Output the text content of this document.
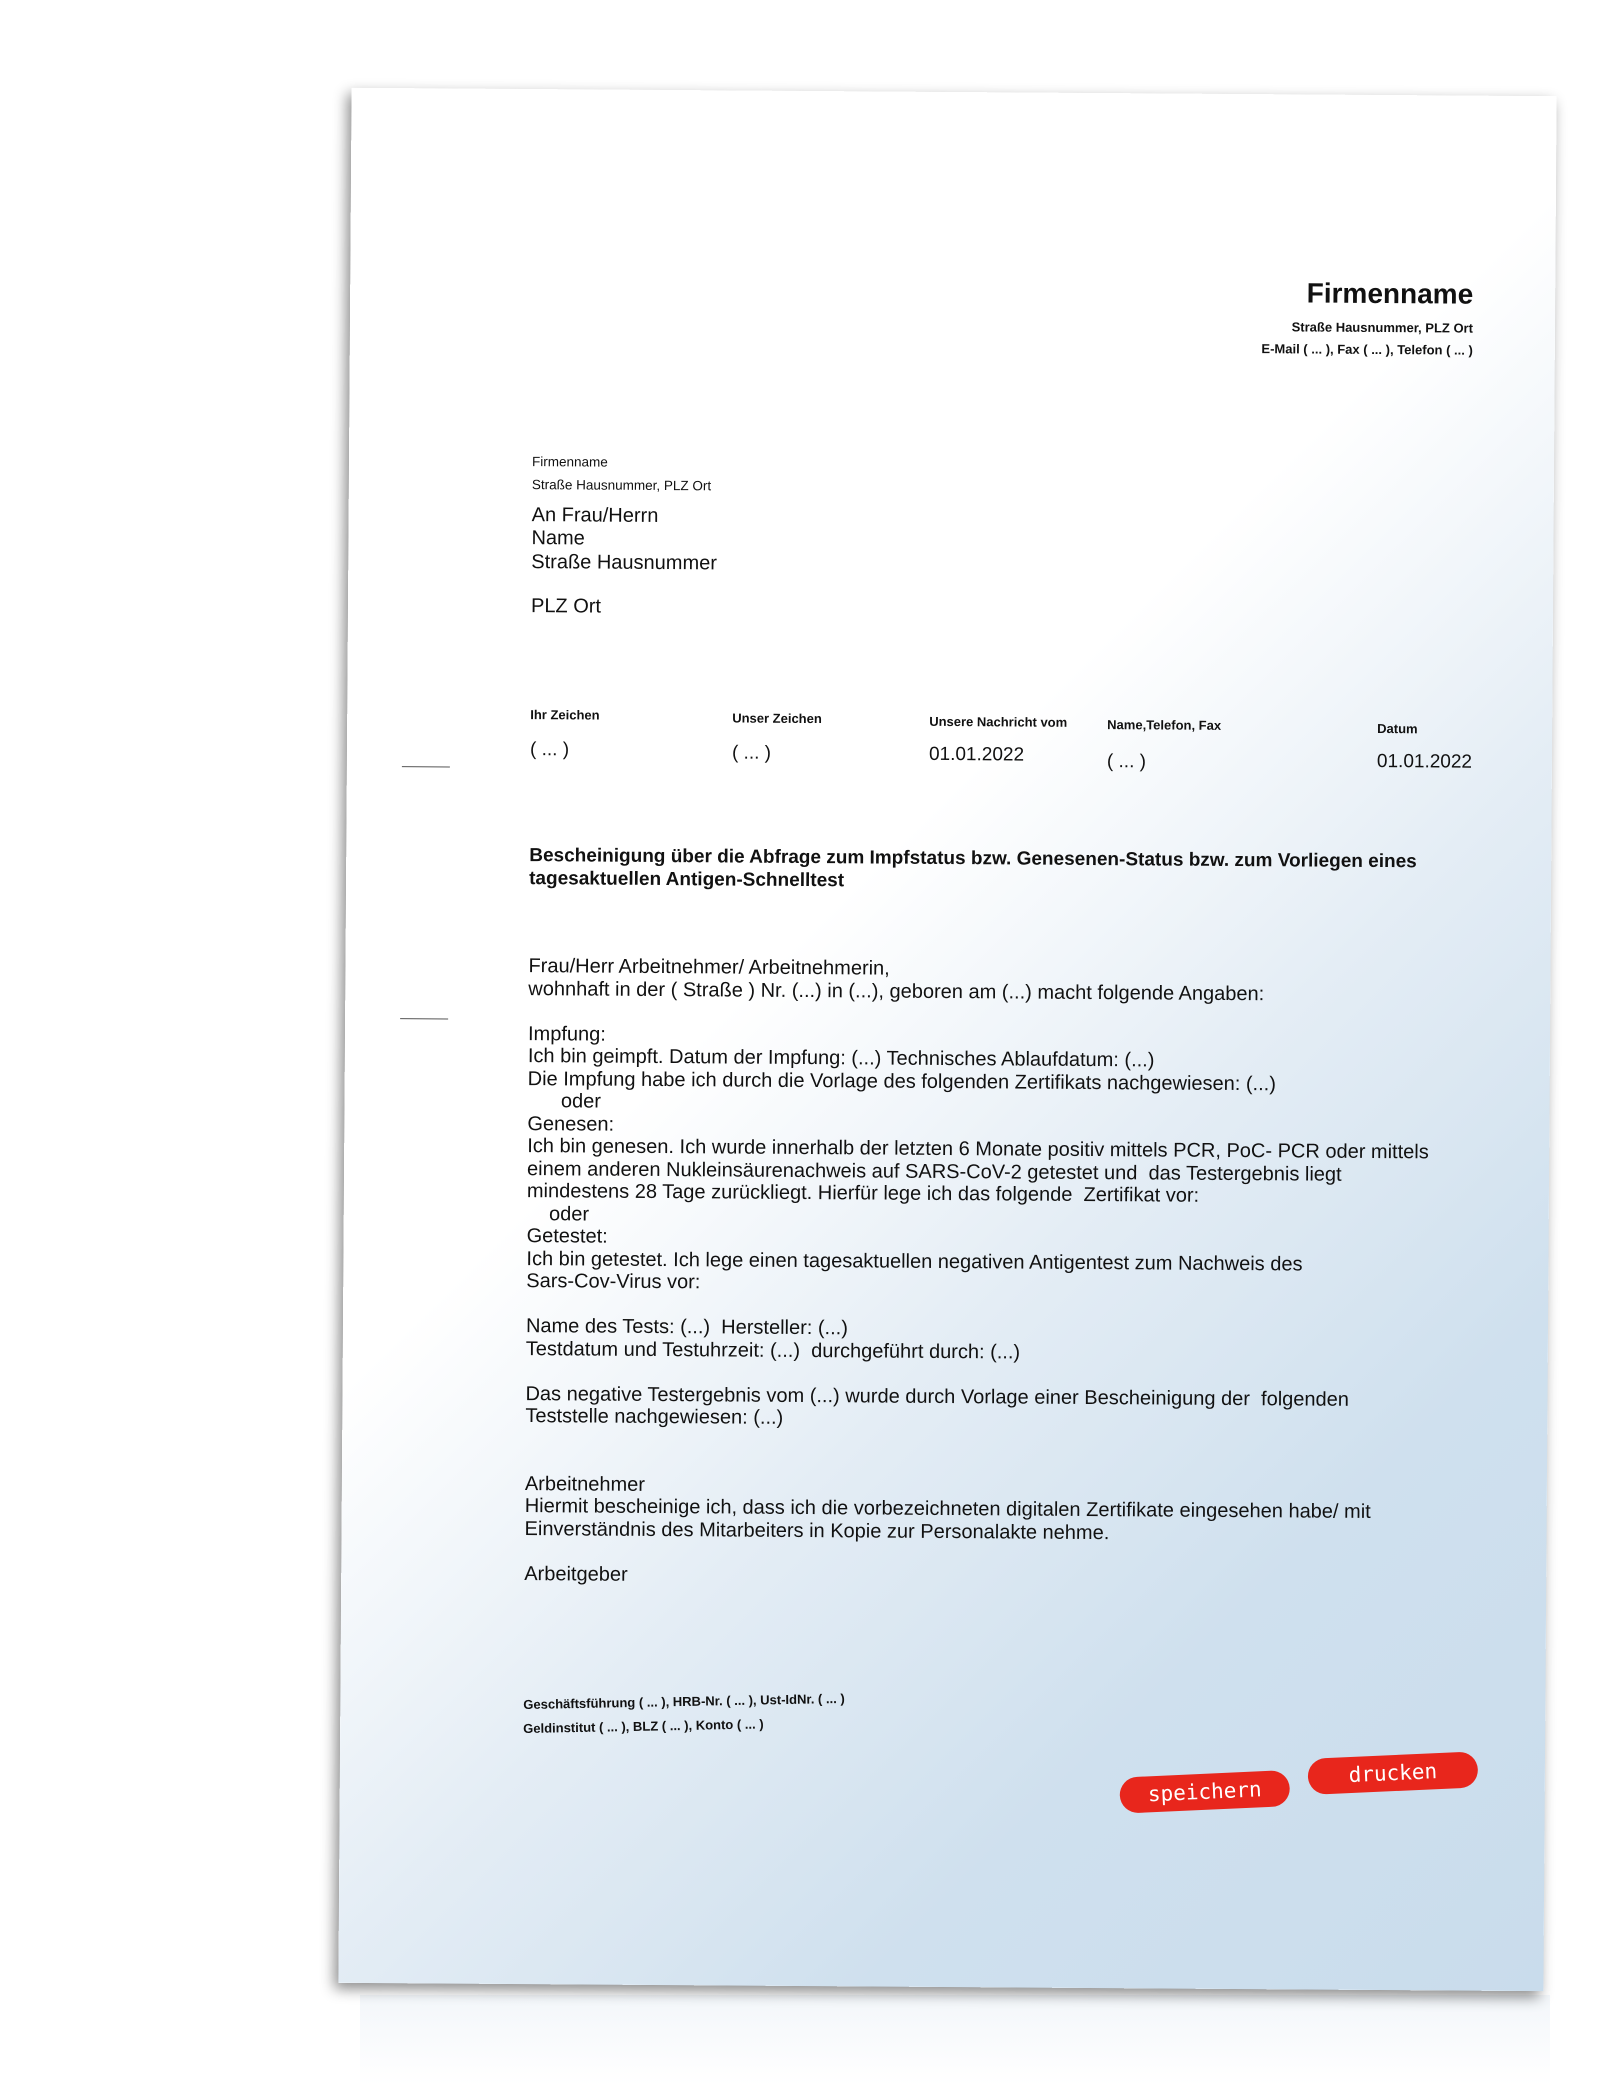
Firmenname
Straße Hausnummer, PLZ Ort
E-Mail ( ... ), Fax ( ... ), Telefon ( ... )
Firmenname
Straße Hausnummer, PLZ Ort
An Frau/Herrn
Name
Straße Hausnummer
PLZ Ort
Ihr Zeichen
( ... )
Unser Zeichen
( ... )
Unsere Nachricht vom
01.01.2022
Name,Telefon, Fax
( ... )
Datum
01.01.2022
Bescheinigung über die Abfrage zum Impfstatus bzw. Genesenen-Status bzw. zum Vorliegen eines tagesaktuellen Antigen-Schnelltest
Frau/Herr Arbeitnehmer/ Arbeitnehmerin,
wohnhaft in der ( Straße ) Nr. (...) in (...), geboren am (...) macht folgende Angaben:

Impfung:
Ich bin geimpft. Datum der Impfung: (...) Technisches Ablaufdatum: (...)
Die Impfung habe ich durch die Vorlage des folgenden Zertifikats nachgewiesen: (...)
oder
Genesen:
Ich bin genesen. Ich wurde innerhalb der letzten 6 Monate positiv mittels PCR, PoC- PCR oder mittels
einem anderen Nukleinsäurenachweis auf SARS-CoV-2 getestet und  das Testergebnis liegt
mindestens 28 Tage zurückliegt. Hierfür lege ich das folgende  Zertifikat vor:
oder
Getestet:
Ich bin getestet. Ich lege einen tagesaktuellen negativen Antigentest zum Nachweis des
Sars-Cov-Virus vor:

Name des Tests: (...)  Hersteller: (...)
Testdatum und Testuhrzeit: (...)  durchgeführt durch: (...)

Das negative Testergebnis vom (...) wurde durch Vorlage einer Bescheinigung der  folgenden
Teststelle nachgewiesen: (...)

Arbeitnehmer
Hiermit bescheinige ich, dass ich die vorbezeichneten digitalen Zertifikate eingesehen habe/ mit
Einverständnis des Mitarbeiters in Kopie zur Personalakte nehme.

Arbeitgeber
Geschäftsführung ( ... ), HRB-Nr. ( ... ), Ust-IdNr. ( ... )
Geldinstitut ( ... ), BLZ ( ... ), Konto ( ... )
speichern
drucken
